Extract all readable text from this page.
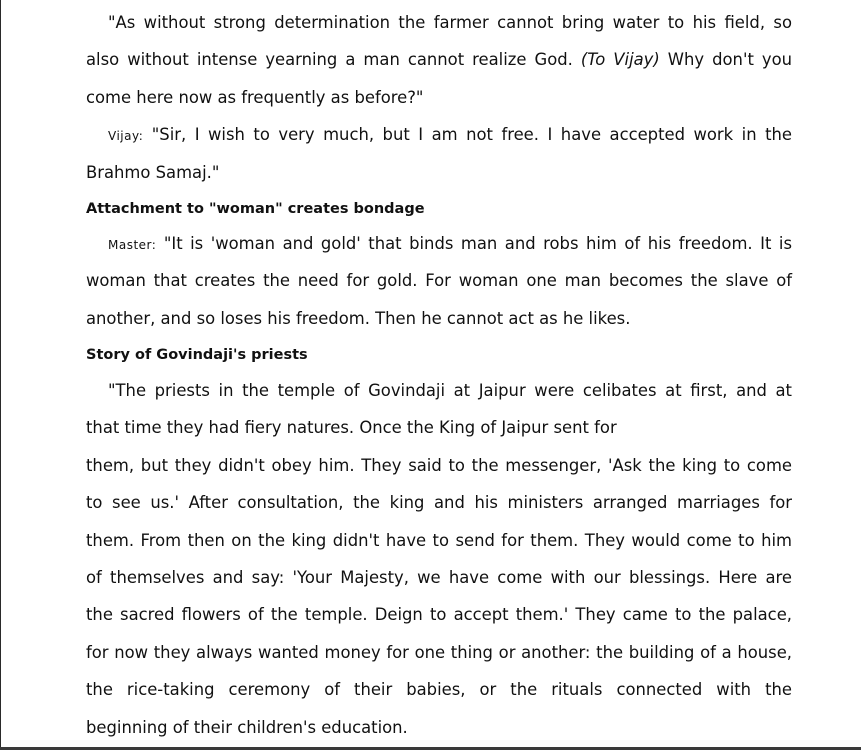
"As without strong determination the farmer cannot bring water to his field, so
also without intense yearning a man cannot realize God. (To Vijay) Why don't you
come here now as frequently as before?"
Vijay: "Sir, I wish to very much, but I am not free. I have accepted work in the
Brahmo Samaj."
Attachment to "woman" creates bondage
Master: "It is 'woman and gold' that binds man and robs him of his freedom. It is
woman that creates the need for gold. For woman one man becomes the slave of
another, and so loses his freedom. Then he cannot act as he likes.
Story of Govindaji's priests
"The priests in the temple of Govindaji at Jaipur were celibates at first, and at
that time they had fiery natures. Once the King of Jaipur sent for
them, but they didn't obey him. They said to the messenger, 'Ask the king to come
to see us.' After consultation, the king and his ministers arranged marriages for
them. From then on the king didn't have to send for them. They would come to him
of themselves and say: 'Your Majesty, we have come with our blessings. Here are
the sacred flowers of the temple. Deign to accept them.' They came to the palace,
for now they always wanted money for one thing or another: the building of a house,
the rice-taking ceremony of their babies, or the rituals connected with the
beginning of their children's education.
